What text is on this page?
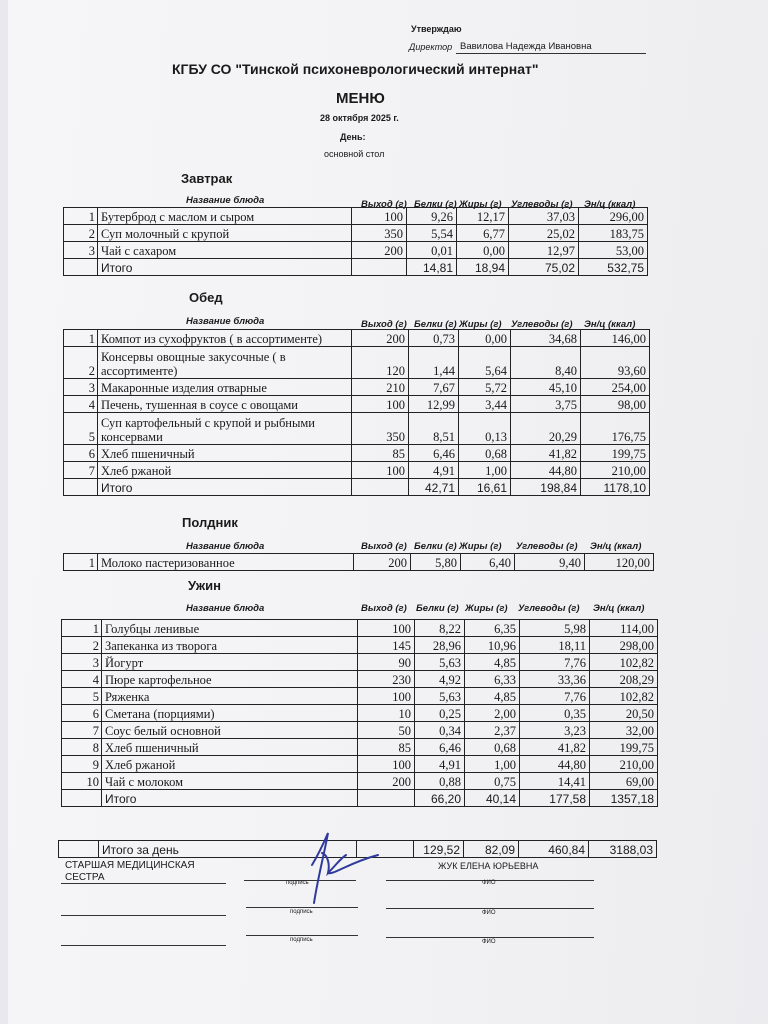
Утверждаю
Директор Вавилова Надежда Ивановна
КГБУ СО "Тинской психоневрологический интернат"
МЕНЮ
28 октября 2025 г.
День:
основной стол
Завтрак
Название блюда	Выход (г) Белки (г) Жиры (г) Углеводы (г) Эн/ц (ккал)
1	Бутерброд с маслом и сыром	100	9,26	12,17	37,03	296,00
2	Суп молочный с крупой	350	5,54	6,77	25,02	183,75
3	Чай с сахаром	200	0,01	0,00	12,97	53,00
	Итого		14,81	18,94	75,02	532,75
Обед
Название блюда	Выход (г) Белки (г) Жиры (г) Углеводы (г) Эн/ц (ккал)
1	Компот из сухофруктов ( в ассортименте)	200	0,73	0,00	34,68	146,00
2	Консервы овощные закусочные ( в ассортименте)	120	1,44	5,64	8,40	93,60
3	Макаронные изделия отварные	210	7,67	5,72	45,10	254,00
4	Печень, тушенная в соусе с овощами	100	12,99	3,44	3,75	98,00
5	Суп картофельный с крупой и рыбными консервами	350	8,51	0,13	20,29	176,75
6	Хлеб пшеничный	85	6,46	0,68	41,82	199,75
7	Хлеб ржаной	100	4,91	1,00	44,80	210,00
	Итого		42,71	16,61	198,84	1178,10
Полдник
Название блюда	Выход (г) Белки (г) Жиры (г) Углеводы (г) Эн/ц (ккал)
1	Молоко пастеризованное	200	5,80	6,40	9,40	120,00
Ужин
Название блюда	Выход (г) Белки (г) Жиры (г) Углеводы (г) Эн/ц (ккал)
1	Голубцы ленивые	100	8,22	6,35	5,98	114,00
2	Запеканка из творога	145	28,96	10,96	18,11	298,00
3	Йогурт	90	5,63	4,85	7,76	102,82
4	Пюре картофельное	230	4,92	6,33	33,36	208,29
5	Ряженка	100	5,63	4,85	7,76	102,82
6	Сметана (порциями)	10	0,25	2,00	0,35	20,50
7	Соус белый основной	50	0,34	2,37	3,23	32,00
8	Хлеб пшеничный	85	6,46	0,68	41,82	199,75
9	Хлеб ржаной	100	4,91	1,00	44,80	210,00
10	Чай с молоком	200	0,88	0,75	14,41	69,00
	Итого		66,20	40,14	177,58	1357,18
	Итого за день		129,52	82,09	460,84	3188,03
СТАРШАЯ МЕДИЦИНСКАЯ СЕСТРА	подпись
ЖУК ЕЛЕНА ЮРЬЕВНА
ФИО
подпись	ФИО
подпись	ФИО
